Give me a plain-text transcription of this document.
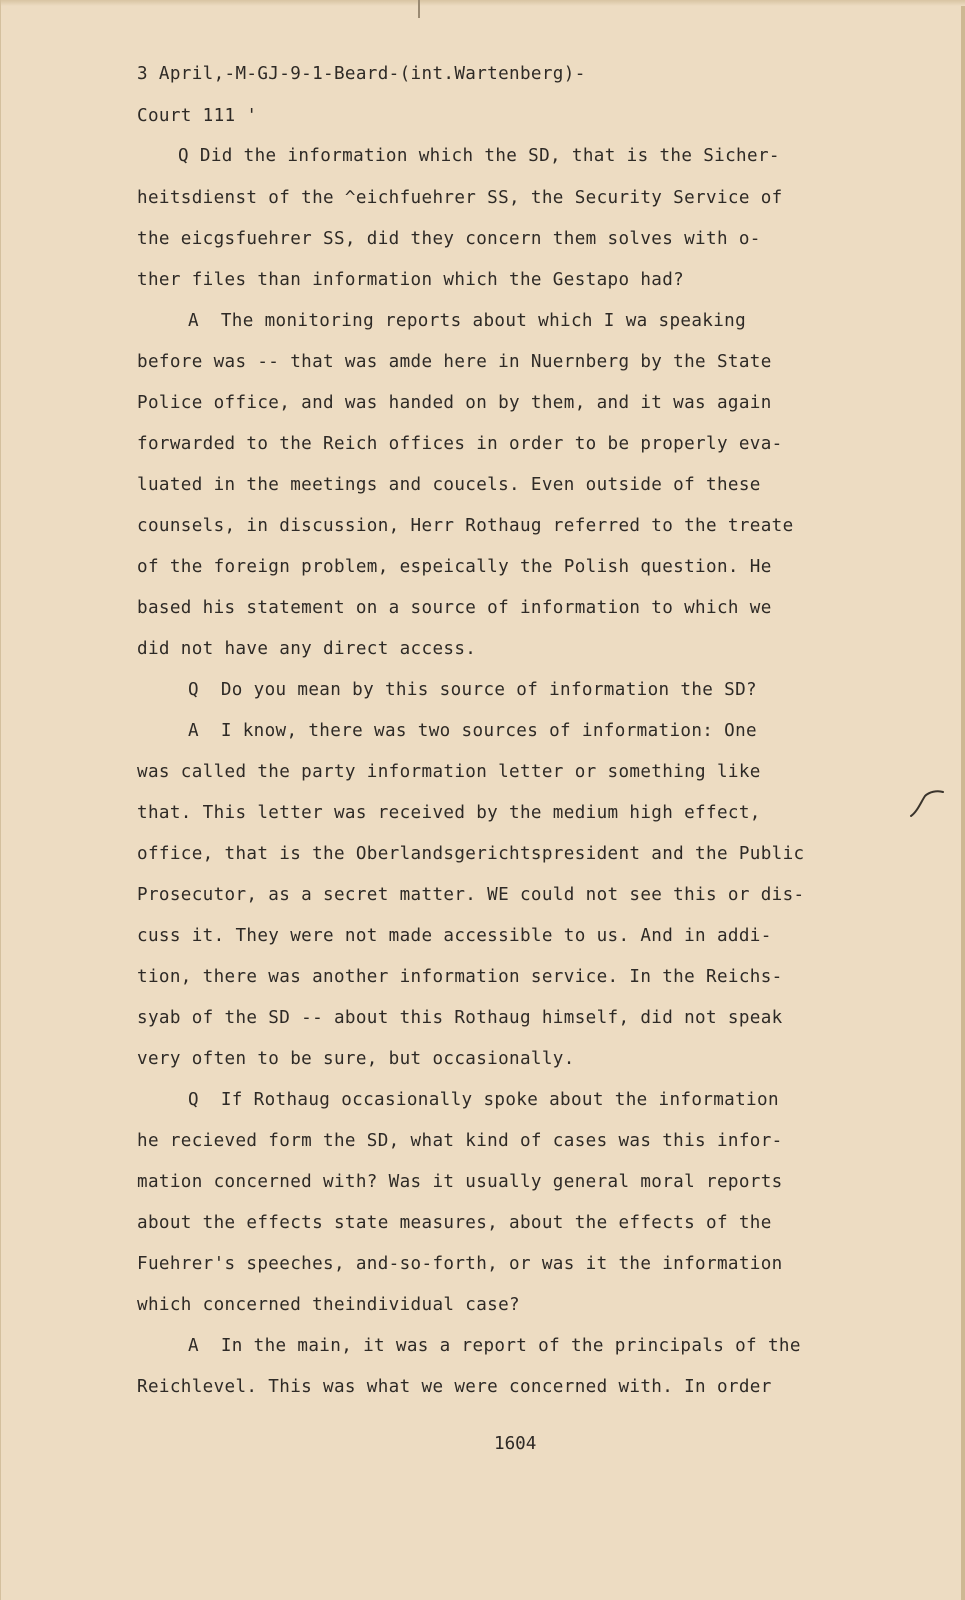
3 April,-M-GJ-9-1-Beard-(int.Wartenberg)-
Court 111 '
Q Did the information which the SD, that is the Sicher-
heitsdienst of the ^eichfuehrer SS, the Security Service of
the eicgsfuehrer SS, did they concern them solves with o-
ther files than information which the Gestapo had?
A  The monitoring reports about which I wa speaking
before was -- that was amde here in Nuernberg by the State
Police office, and was handed on by them, and it was again
forwarded to the Reich offices in order to be properly eva-
luated in the meetings and coucels. Even outside of these
counsels, in discussion, Herr Rothaug referred to the treate
of the foreign problem, espeically the Polish question. He
based his statement on a source of information to which we
did not have any direct access.
Q  Do you mean by this source of information the SD?
A  I know, there was two sources of information: One
was called the party information letter or something like
that. This letter was received by the medium high effect,
office, that is the Oberlandsgerichtspresident and the Public
Prosecutor, as a secret matter. WE could not see this or dis-
cuss it. They were not made accessible to us. And in addi-
tion, there was another information service. In the Reichs-
syab of the SD -- about this Rothaug himself, did not speak
very often to be sure, but occasionally.
Q  If Rothaug occasionally spoke about the information
he recieved form the SD, what kind of cases was this infor-
mation concerned with? Was it usually general moral reports
about the effects state measures, about the effects of the
Fuehrer's speeches, and-so-forth, or was it the information
which concerned theindividual case?
A  In the main, it was a report of the principals of the
Reichlevel. This was what we were concerned with. In order
1604
